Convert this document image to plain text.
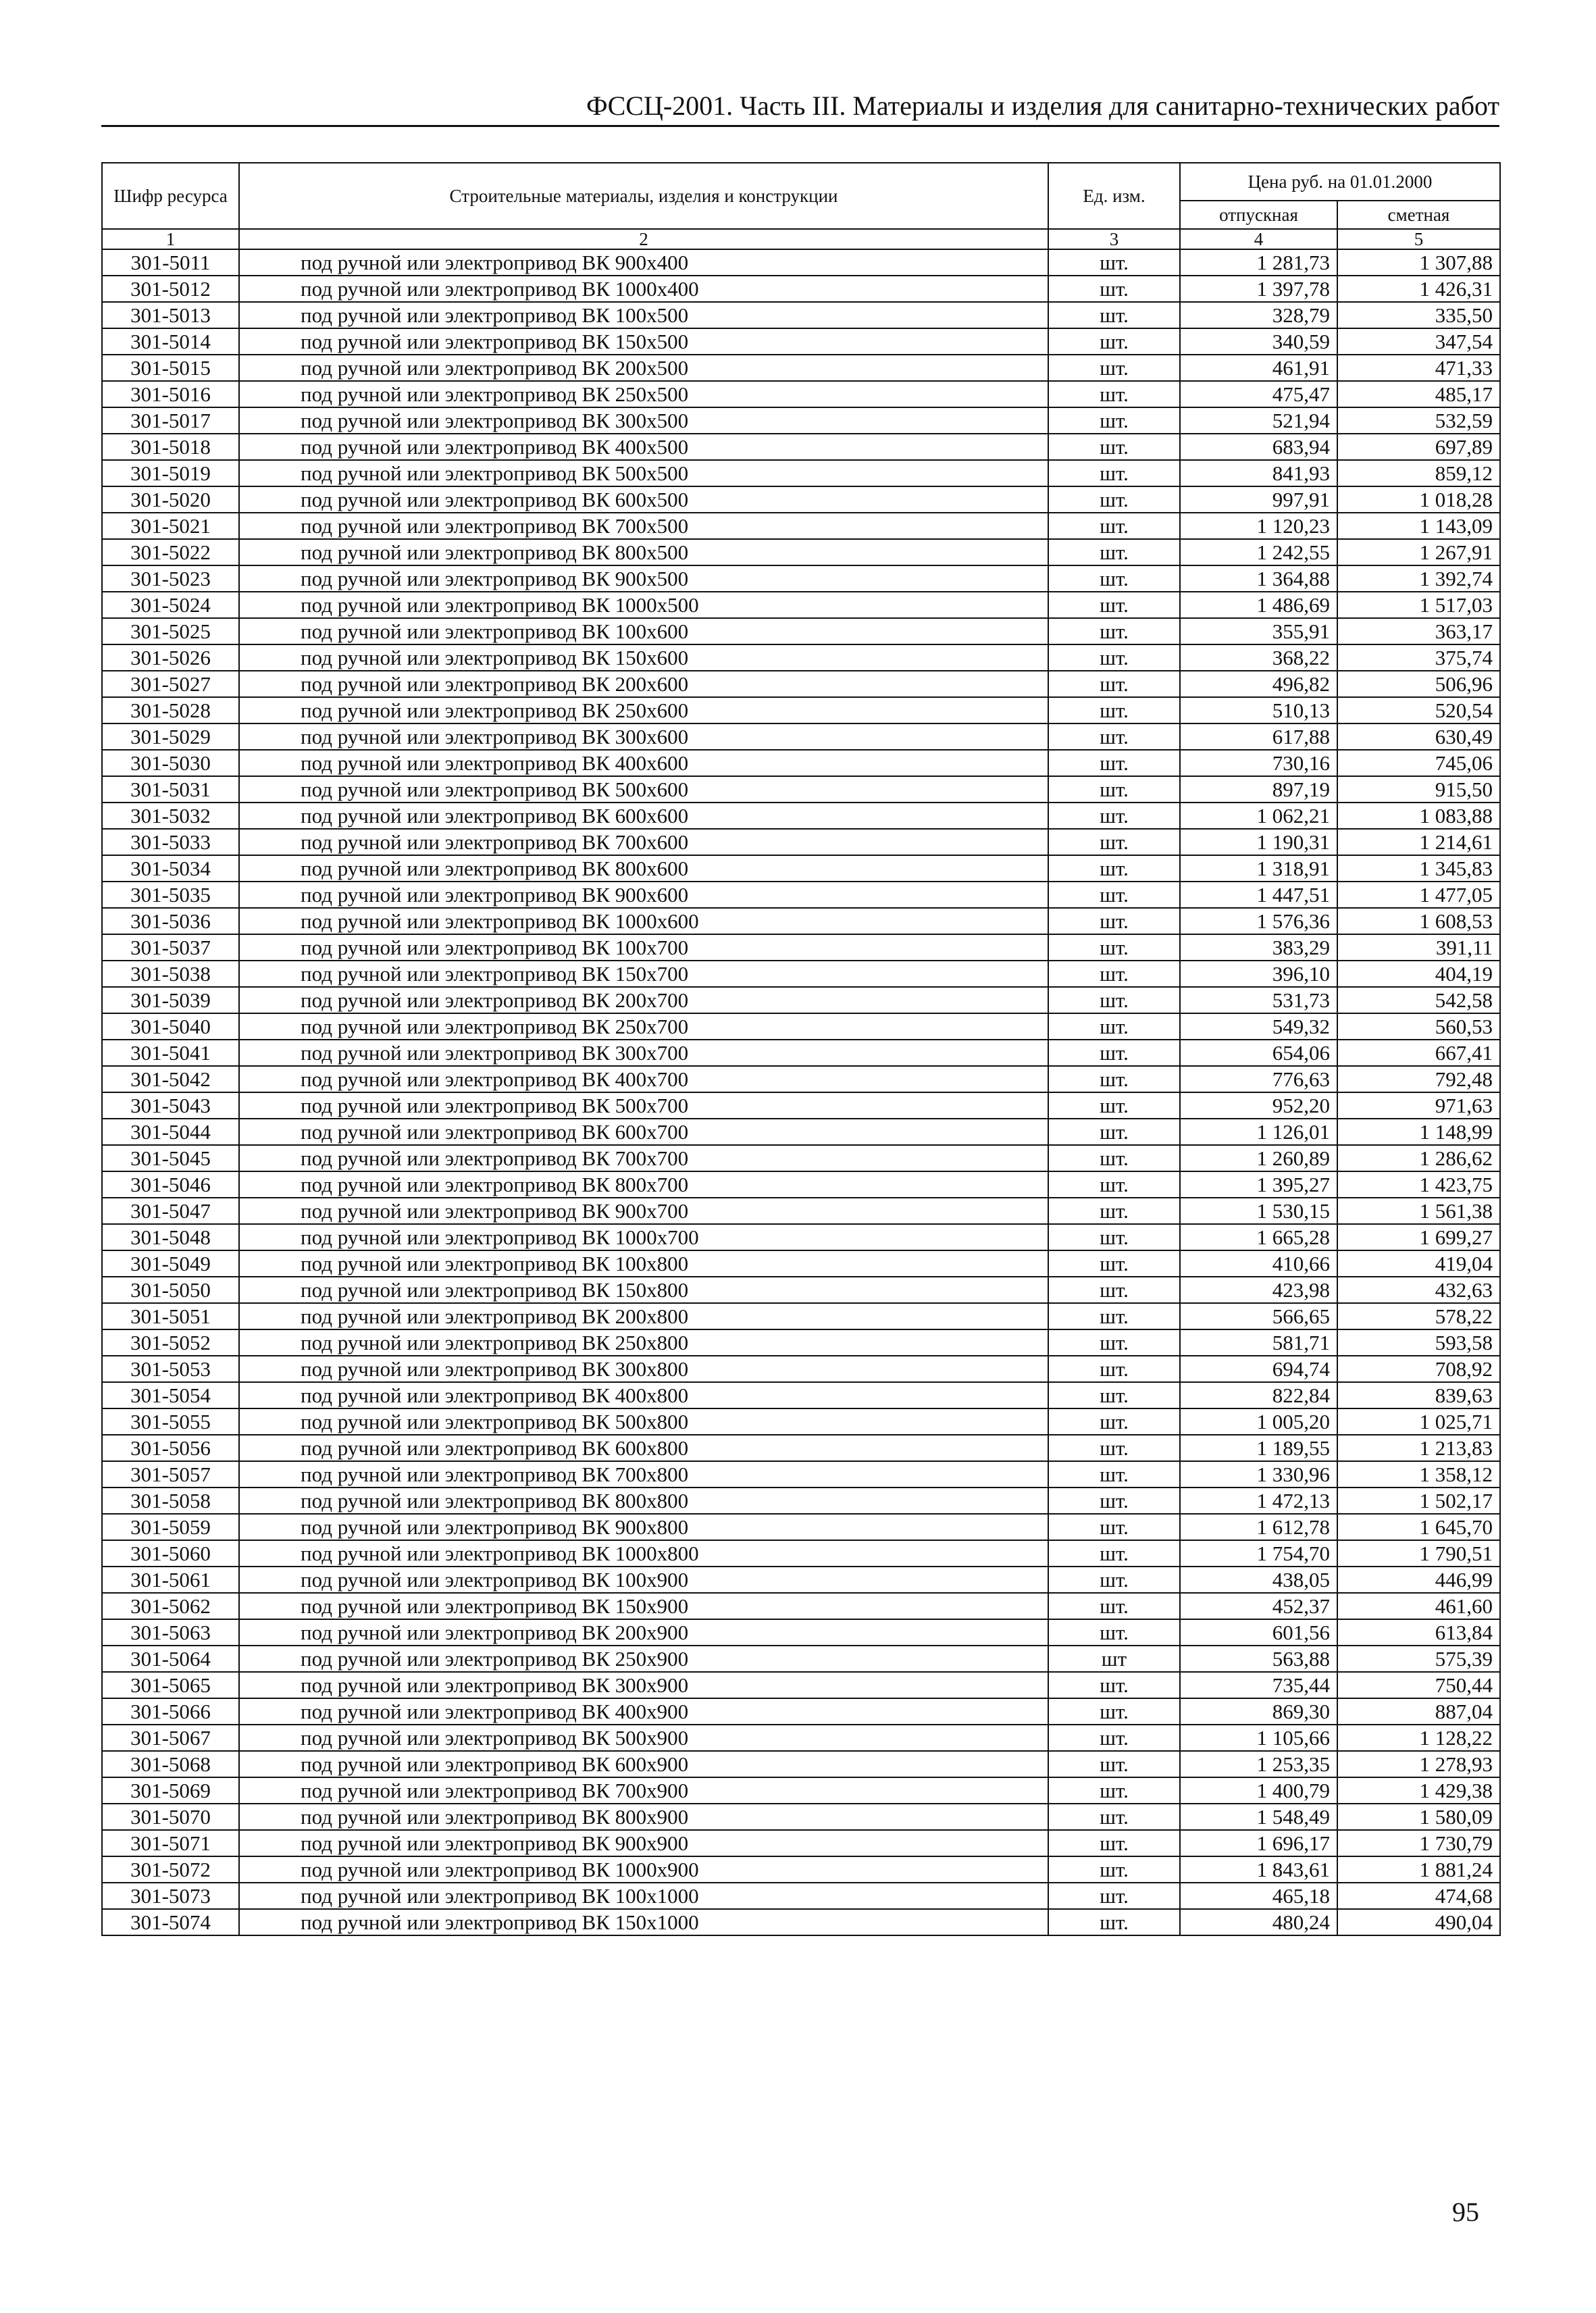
ФССЦ-2001. Часть III. Материалы и изделия для санитарно-технических работ
Шифр ресурса	Строительные материалы, изделия и конструкции	Ед. изм.	Цена руб. на 01.01.2000	
			отпускная	сметная
1	2	3	4	5
301-5011	под ручной или электропривод ВК 900х400	шт.	1 281,73	1 307,88
301-5012	под ручной или электропривод ВК 1000х400	шт.	1 397,78	1 426,31
301-5013	под ручной или электропривод ВК 100х500	шт.	328,79	335,50
301-5014	под ручной или электропривод ВК 150х500	шт.	340,59	347,54
301-5015	под ручной или электропривод ВК 200х500	шт.	461,91	471,33
301-5016	под ручной или электропривод ВК 250х500	шт.	475,47	485,17
301-5017	под ручной или электропривод ВК 300х500	шт.	521,94	532,59
301-5018	под ручной или электропривод ВК 400х500	шт.	683,94	697,89
301-5019	под ручной или электропривод ВК 500х500	шт.	841,93	859,12
301-5020	под ручной или электропривод ВК 600х500	шт.	997,91	1 018,28
301-5021	под ручной или электропривод ВК 700х500	шт.	1 120,23	1 143,09
301-5022	под ручной или электропривод ВК 800х500	шт.	1 242,55	1 267,91
301-5023	под ручной или электропривод ВК 900х500	шт.	1 364,88	1 392,74
301-5024	под ручной или электропривод ВК 1000х500	шт.	1 486,69	1 517,03
301-5025	под ручной или электропривод ВК 100х600	шт.	355,91	363,17
301-5026	под ручной или электропривод ВК 150х600	шт.	368,22	375,74
301-5027	под ручной или электропривод ВК 200х600	шт.	496,82	506,96
301-5028	под ручной или электропривод ВК 250х600	шт.	510,13	520,54
301-5029	под ручной или электропривод ВК 300х600	шт.	617,88	630,49
301-5030	под ручной или электропривод ВК 400х600	шт.	730,16	745,06
301-5031	под ручной или электропривод ВК 500х600	шт.	897,19	915,50
301-5032	под ручной или электропривод ВК 600х600	шт.	1 062,21	1 083,88
301-5033	под ручной или электропривод ВК 700х600	шт.	1 190,31	1 214,61
301-5034	под ручной или электропривод ВК 800х600	шт.	1 318,91	1 345,83
301-5035	под ручной или электропривод ВК 900х600	шт.	1 447,51	1 477,05
301-5036	под ручной или электропривод ВК 1000х600	шт.	1 576,36	1 608,53
301-5037	под ручной или электропривод ВК 100х700	шт.	383,29	391,11
301-5038	под ручной или электропривод ВК 150х700	шт.	396,10	404,19
301-5039	под ручной или электропривод ВК 200х700	шт.	531,73	542,58
301-5040	под ручной или электропривод ВК 250х700	шт.	549,32	560,53
301-5041	под ручной или электропривод ВК 300х700	шт.	654,06	667,41
301-5042	под ручной или электропривод ВК 400х700	шт.	776,63	792,48
301-5043	под ручной или электропривод ВК 500х700	шт.	952,20	971,63
301-5044	под ручной или электропривод ВК 600х700	шт.	1 126,01	1 148,99
301-5045	под ручной или электропривод ВК 700х700	шт.	1 260,89	1 286,62
301-5046	под ручной или электропривод ВК 800х700	шт.	1 395,27	1 423,75
301-5047	под ручной или электропривод ВК 900х700	шт.	1 530,15	1 561,38
301-5048	под ручной или электропривод ВК 1000х700	шт.	1 665,28	1 699,27
301-5049	под ручной или электропривод ВК 100х800	шт.	410,66	419,04
301-5050	под ручной или электропривод ВК 150х800	шт.	423,98	432,63
301-5051	под ручной или электропривод ВК 200х800	шт.	566,65	578,22
301-5052	под ручной или электропривод ВК 250х800	шт.	581,71	593,58
301-5053	под ручной или электропривод ВК 300х800	шт.	694,74	708,92
301-5054	под ручной или электропривод ВК 400х800	шт.	822,84	839,63
301-5055	под ручной или электропривод ВК 500х800	шт.	1 005,20	1 025,71
301-5056	под ручной или электропривод ВК 600х800	шт.	1 189,55	1 213,83
301-5057	под ручной или электропривод ВК 700х800	шт.	1 330,96	1 358,12
301-5058	под ручной или электропривод ВК 800х800	шт.	1 472,13	1 502,17
301-5059	под ручной или электропривод ВК 900х800	шт.	1 612,78	1 645,70
301-5060	под ручной или электропривод ВК 1000х800	шт.	1 754,70	1 790,51
301-5061	под ручной или электропривод ВК 100х900	шт.	438,05	446,99
301-5062	под ручной или электропривод ВК 150х900	шт.	452,37	461,60
301-5063	под ручной или электропривод ВК 200х900	шт.	601,56	613,84
301-5064	под ручной или электропривод ВК 250х900	шт	563,88	575,39
301-5065	под ручной или электропривод ВК 300х900	шт.	735,44	750,44
301-5066	под ручной или электропривод ВК 400х900	шт.	869,30	887,04
301-5067	под ручной или электропривод ВК 500х900	шт.	1 105,66	1 128,22
301-5068	под ручной или электропривод ВК 600х900	шт.	1 253,35	1 278,93
301-5069	под ручной или электропривод ВК 700х900	шт.	1 400,79	1 429,38
301-5070	под ручной или электропривод ВК 800х900	шт.	1 548,49	1 580,09
301-5071	под ручной или электропривод ВК 900х900	шт.	1 696,17	1 730,79
301-5072	под ручной или электропривод ВК 1000х900	шт.	1 843,61	1 881,24
301-5073	под ручной или электропривод ВК 100х1000	шт.	465,18	474,68
301-5074	под ручной или электропривод ВК 150х1000	шт.	480,24	490,04
95
